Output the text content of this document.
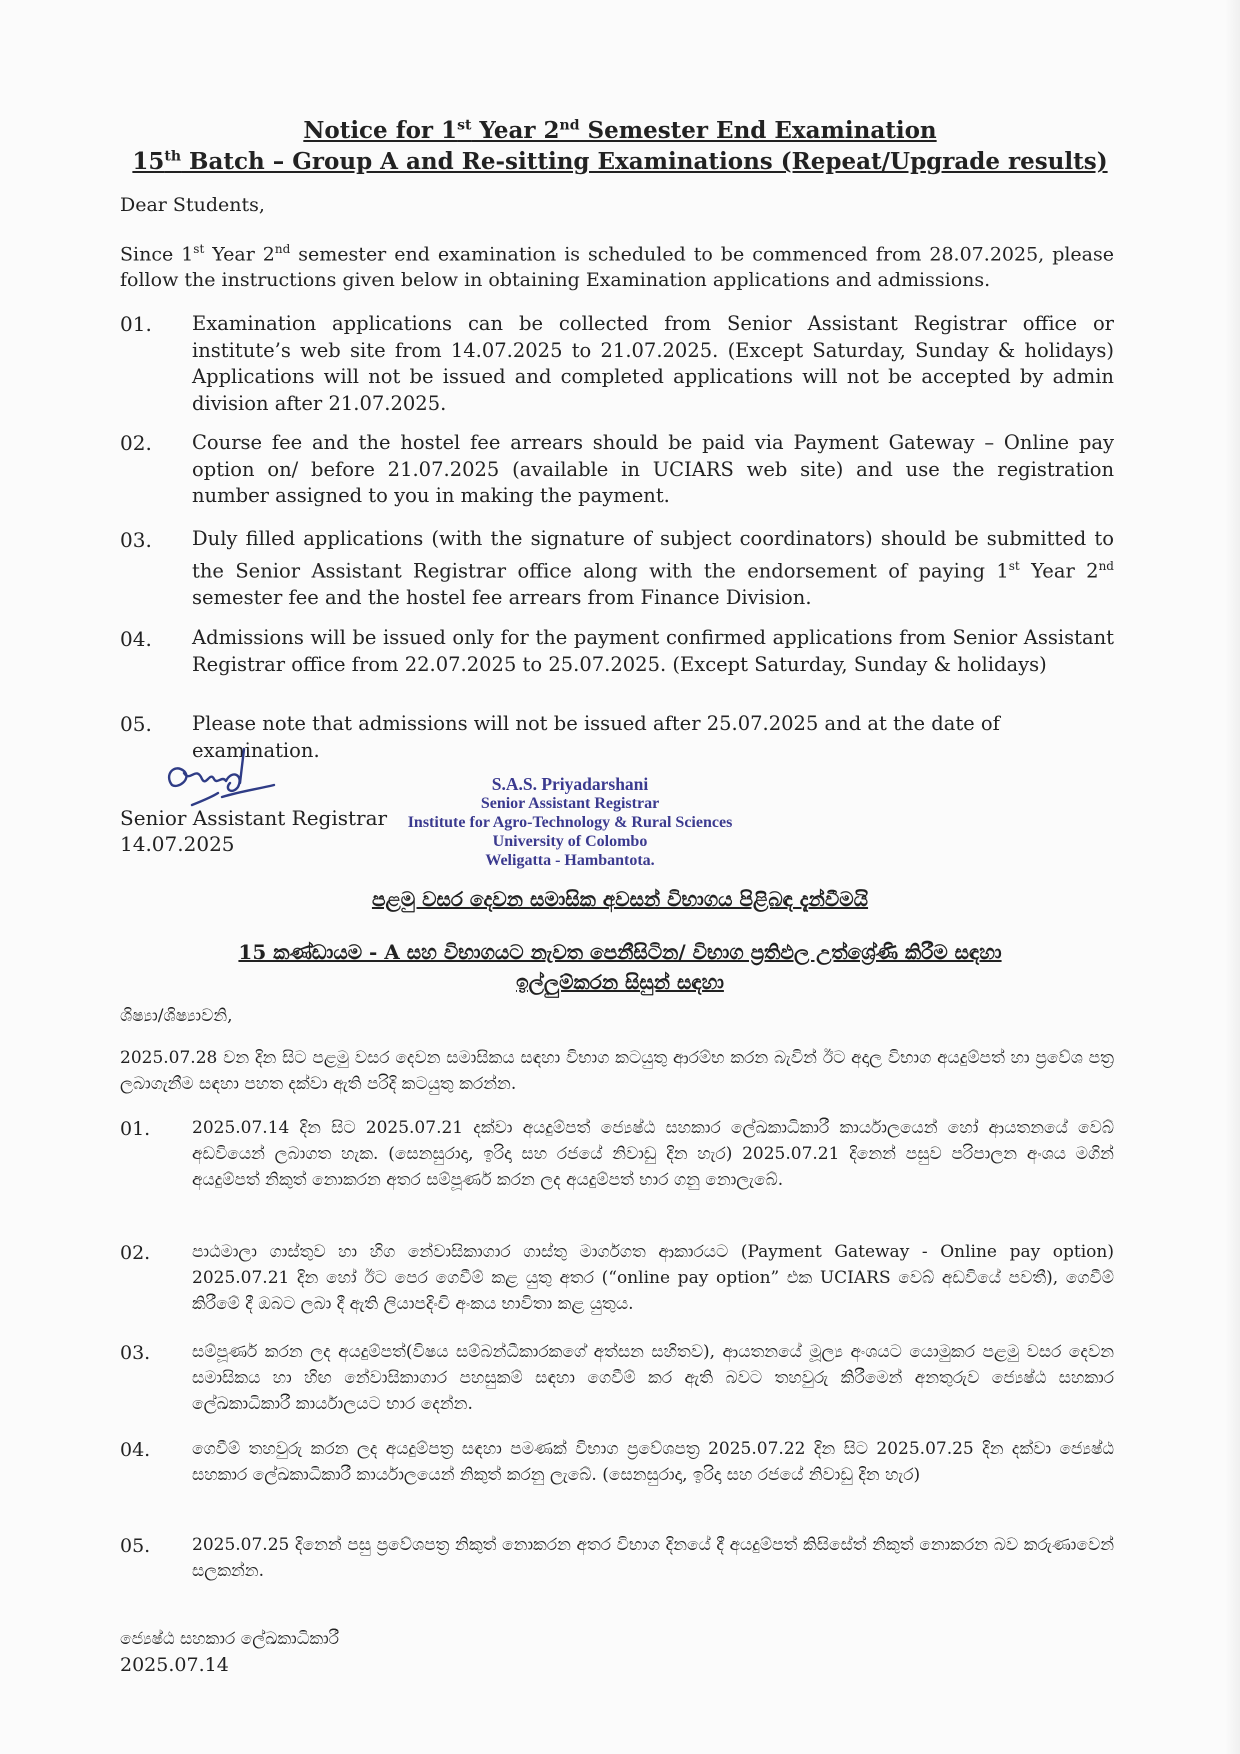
Notice for 1st Year 2nd Semester End Examination
15th Batch – Group A and Re-sitting Examinations (Repeat/Upgrade results)
Dear Students,
Since 1st Year 2nd semester end examination is scheduled to be commenced from 28.07.2025, please follow the instructions given below in obtaining Examination applications and admissions.
01. Examination applications can be collected from Senior Assistant Registrar office or institute’s web site from 14.07.2025 to 21.07.2025. (Except Saturday, Sunday & holidays) Applications will not be issued and completed applications will not be accepted by admin division after 21.07.2025.
02. Course fee and the hostel fee arrears should be paid via Payment Gateway – Online pay option on/ before 21.07.2025 (available in UCIARS web site) and use the registration number assigned to you in making the payment.
03. Duly filled applications (with the signature of subject coordinators) should be submitted to the Senior Assistant Registrar office along with the endorsement of paying 1st Year 2nd semester fee and the hostel fee arrears from Finance Division.
04. Admissions will be issued only for the payment confirmed applications from Senior Assistant Registrar office from 22.07.2025 to 25.07.2025. (Except Saturday, Sunday & holidays)
05. Please note that admissions will not be issued after 25.07.2025 and at the date of examination.
Senior Assistant Registrar
14.07.2025
S.A.S. Priyadarshani
Senior Assistant Registrar
Institute for Agro-Technology & Rural Sciences
University of Colombo
Weligatta - Hambantota.
පළමු වසර දෙවන සමාසික අවසන් විභාගය පිළිබඳ දැන්වීමයි
15 කණ්ඩායම - A සහ විභාගයට නැවත පෙනීසිටින/ විභාග ප්‍රතිඵල උත්ශ්‍රේණි කිරීම සඳහා
ඉල්ලුම්කරන සිසුන් සඳහා
ශිෂ්‍යා/ශිෂ්‍යාවනි,
2025.07.28 වන දින සිට පළමු වසර දෙවන සමාසිකය සඳහා විභාග කටයුතු ආරම්භ කරන බැවින් ඊට අදාල විභාග අයදුම්පත් හා ප්‍රවේශ පත්‍ර ලබාගැනීම සඳහා පහත දක්වා ඇති පරිදි කටයුතු කරන්න.
01. 2025.07.14 දින සිට 2025.07.21 දක්වා අයදුම්පත් ජ්‍යෙෂ්ඨ සහකාර ලේඛකාධිකාරී කාර්යාලයෙන් හෝ ආයතනයේ වෙබ් අඩවියෙන් ලබාගත හැක. (සෙනසුරාදා, ඉරිදා සහ රජයේ නිවාඩු දින හැර) 2025.07.21 දිනෙන් පසුව පරිපාලන අංශය මගින් අයදුම්පත් නිකුත් නොකරන අතර සම්පූර්ණ කරන ලද අයදුම්පත් භාර ගනු නොලැබේ.
02. පාඨමාලා ගාස්තුව හා හිග නේවාසිකාගාර ගාස්තු මාර්ගගත ආකාරයට (Payment Gateway - Online pay option) 2025.07.21 දින හෝ ඊට පෙර ගෙවීම් කළ යුතු අතර (“online pay option” එක UCIARS වෙබ් අඩවියේ පවතී), ගෙවීම් කිරීමේ දී ඔබට ලබා දී ඇති ලියාපදිංචි අංකය භාවිතා කළ යුතුය.
03. සම්පූර්ණ කරන ලද අයදුම්පත්(විෂය සම්බන්ධීකාරකගේ අත්සන සහිතව), ආයතනයේ මූල්‍ය අංශයට යොමුකර පළමු වසර දෙවන සමාසිකය හා හිඟ නේවාසිකාගාර පහසුකම් සඳහා ගෙවීම් කර ඇති බවට තහවුරු කිරීමෙන් අනතුරුව ජ්‍යෙෂ්ඨ සහකාර ලේඛකාධිකාරී කාර්යාලයට භාර දෙන්න.
04. ගෙවීම් තහවුරු කරන ලද අයදුම්පත්‍ර සඳහා පමණක් විභාග ප්‍රවේශපත්‍ර 2025.07.22 දින සිට 2025.07.25 දින දක්වා ජ්‍යෙෂ්ඨ සහකාර ලේඛකාධිකාරී කාර්යාලයෙන් නිකුත් කරනු ලැබේ. (සෙනසුරාදා, ඉරිදා සහ රජයේ නිවාඩු දින හැර)
05. 2025.07.25 දිනෙන් පසු ප්‍රවේශපත්‍ර නිකුත් නොකරන අතර විභාග දිනයේ දී අයදුම්පත් කිසිසේත් නිකුත් නොකරන බව කරුණාවෙන් සලකන්න.
ජ්‍යෙෂ්ඨ සහකාර ලේඛකාධිකාරී
2025.07.14
